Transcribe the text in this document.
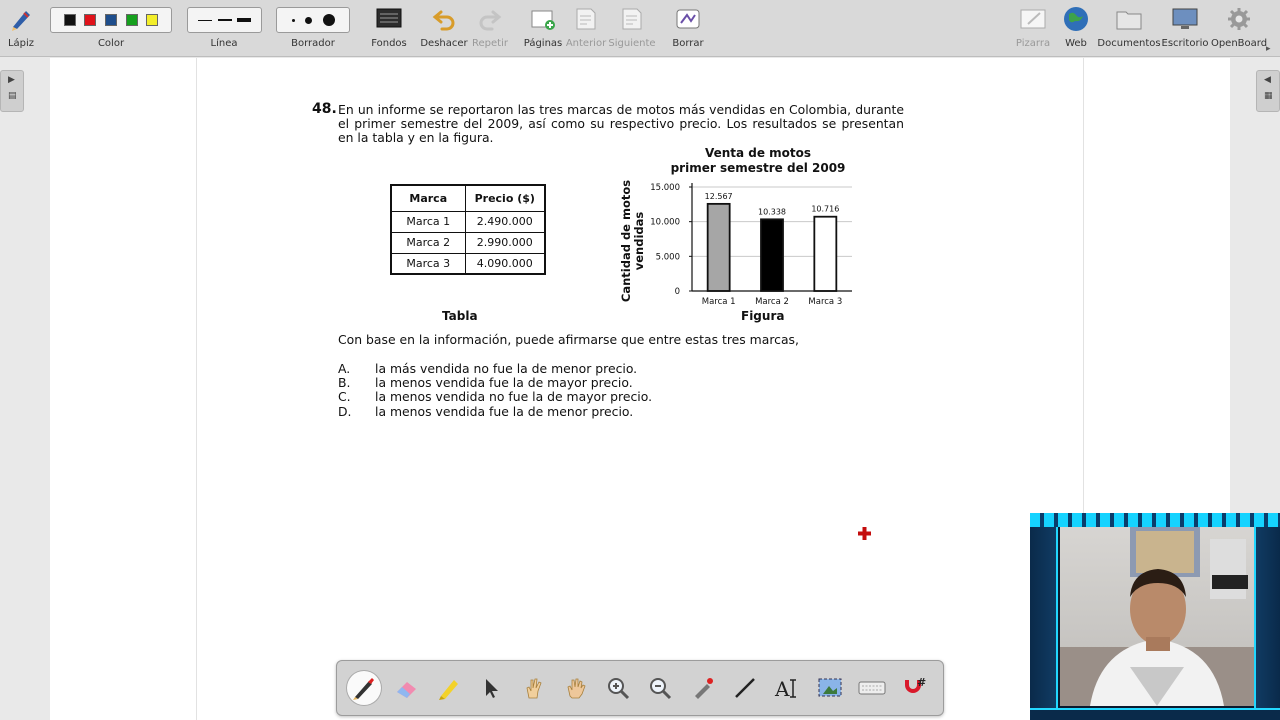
Lápiz	Color	Línea	Borrador	Fondos Deshacer Repetir Páginas Anterior Siguiente Borrar	Pizarra Web Documentos Escritorio OpenBoard
▸
▶
▤
◀
▦
48. En un informe se reportaron las tres marcas de motos más vendidas en Colombia, durante el primer semestre del 2009, así como su respectivo precio. Los resultados se presentan en la tabla y en la figura.
Marca	Precio ($)
Marca 1	2.490.000
Marca 2	2.990.000
Marca 3	4.090.000
Tabla
Venta de motos
primer semestre del 2009
0
5.000
10.000
15.000
12.567
10.338	10.716
Marca 1 Marca 2 Marca 3
Cantidad de motosvendidas
Figura
Con base en la información, puede afirmarse que entre estas tres marcas,
A. la más vendida no fue la de menor precio.
B. la menos vendida fue la de mayor precio.
C. la menos vendida no fue la de mayor precio.
D. la menos vendida fue la de menor precio.
A	#
